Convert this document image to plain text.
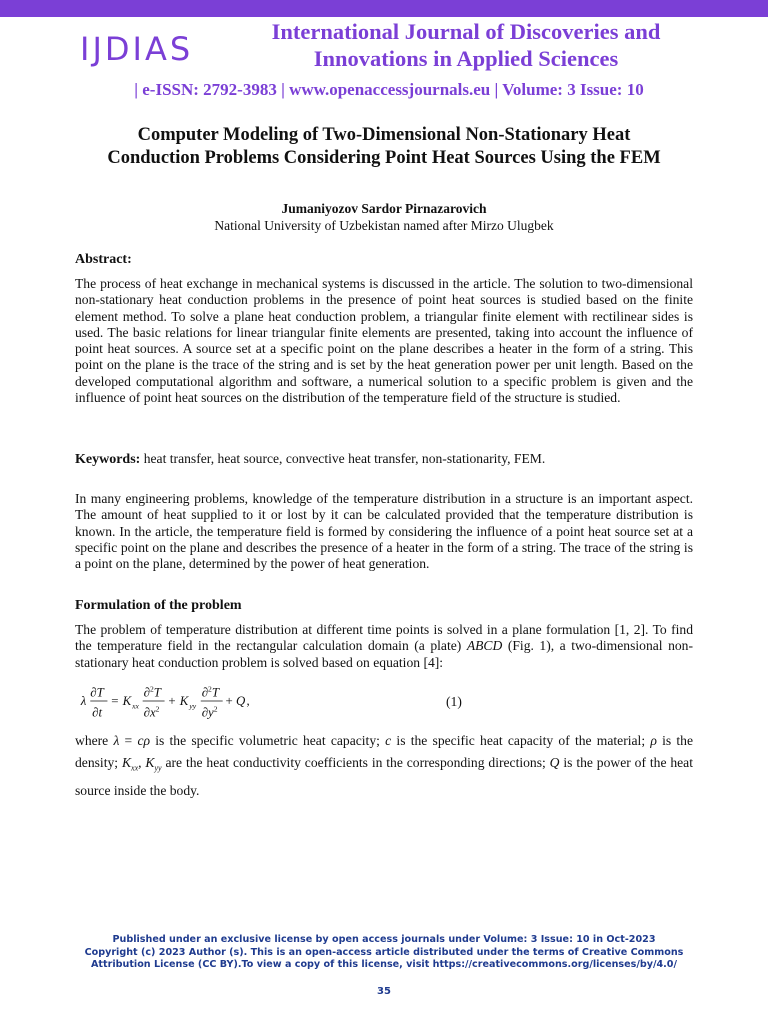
IJDIAS	International Journal of Discoveries and
Innovations in Applied Sciences
| e-ISSN: 2792-3983 | www.openaccessjournals.eu | Volume: 3 Issue: 10
Computer Modeling of Two-Dimensional Non-Stationary Heat
Conduction Problems Considering Point Heat Sources Using the FEM
Jumaniyozov Sardor Pirnazarovich
National University of Uzbekistan named after Mirzo Ulugbek
Abstract:

The process of heat exchange in mechanical systems is discussed in the article. The solution to two-dimensional non-stationary heat conduction problems in the presence of point heat sources is studied based on the finite element method. To solve a plane heat conduction problem, a triangular finite element with rectilinear sides is used. The basic relations for linear triangular finite elements are presented, taking into account the influence of point heat sources. A source set at a specific point on the plane describes a heater in the form of a string. This point on the plane is the trace of the string and is set by the heat generation power per unit length. Based on the developed computational algorithm and software, a numerical solution to a specific problem is given and the influence of point heat sources on the distribution of the temperature field of the structure is studied.

Keywords: heat transfer, heat source, convective heat transfer, non-stationarity, FEM.

In many engineering problems, knowledge of the temperature distribution in a structure is an important aspect. The amount of heat supplied to it or lost by it can be calculated provided that the temperature distribution is known. In the article, the temperature field is formed by considering the influence of a point heat source set at a specific point on the plane and describes the presence of a heater in the form of a string. The trace of the string is a point on the plane, determined by the power of heat generation.

Formulation of the problem

The problem of temperature distribution at different time points is solved in a plane formulation [1, 2]. To find the temperature field in the rectangular calculation domain (a plate) ABCD (Fig. 1), a two-dimensional non-stationary heat conduction problem is solved based on equation [4]:

λ
∂T
∂t
= K xx
∂$^2$T
$\partial x^2$
+ K yy
∂$^2$T
$\partial y^2$
+ Q ,	(1)
where λ = cρ is the specific volumetric heat capacity; c is the specific heat capacity of the material; ρ is the density; $K_{xx}$, $K_{yy}$ are the heat conductivity coefficients in the corresponding directions; Q is the power of the heat source inside the body.
Published under an exclusive license by open access journals under Volume: 3 Issue: 10 in Oct-2023
Copyright (c) 2023 Author (s). This is an open-access article distributed under the terms of Creative Commons
Attribution License (CC BY).To view a copy of this license, visit https://creativecommons.org/licenses/by/4.0/
35
